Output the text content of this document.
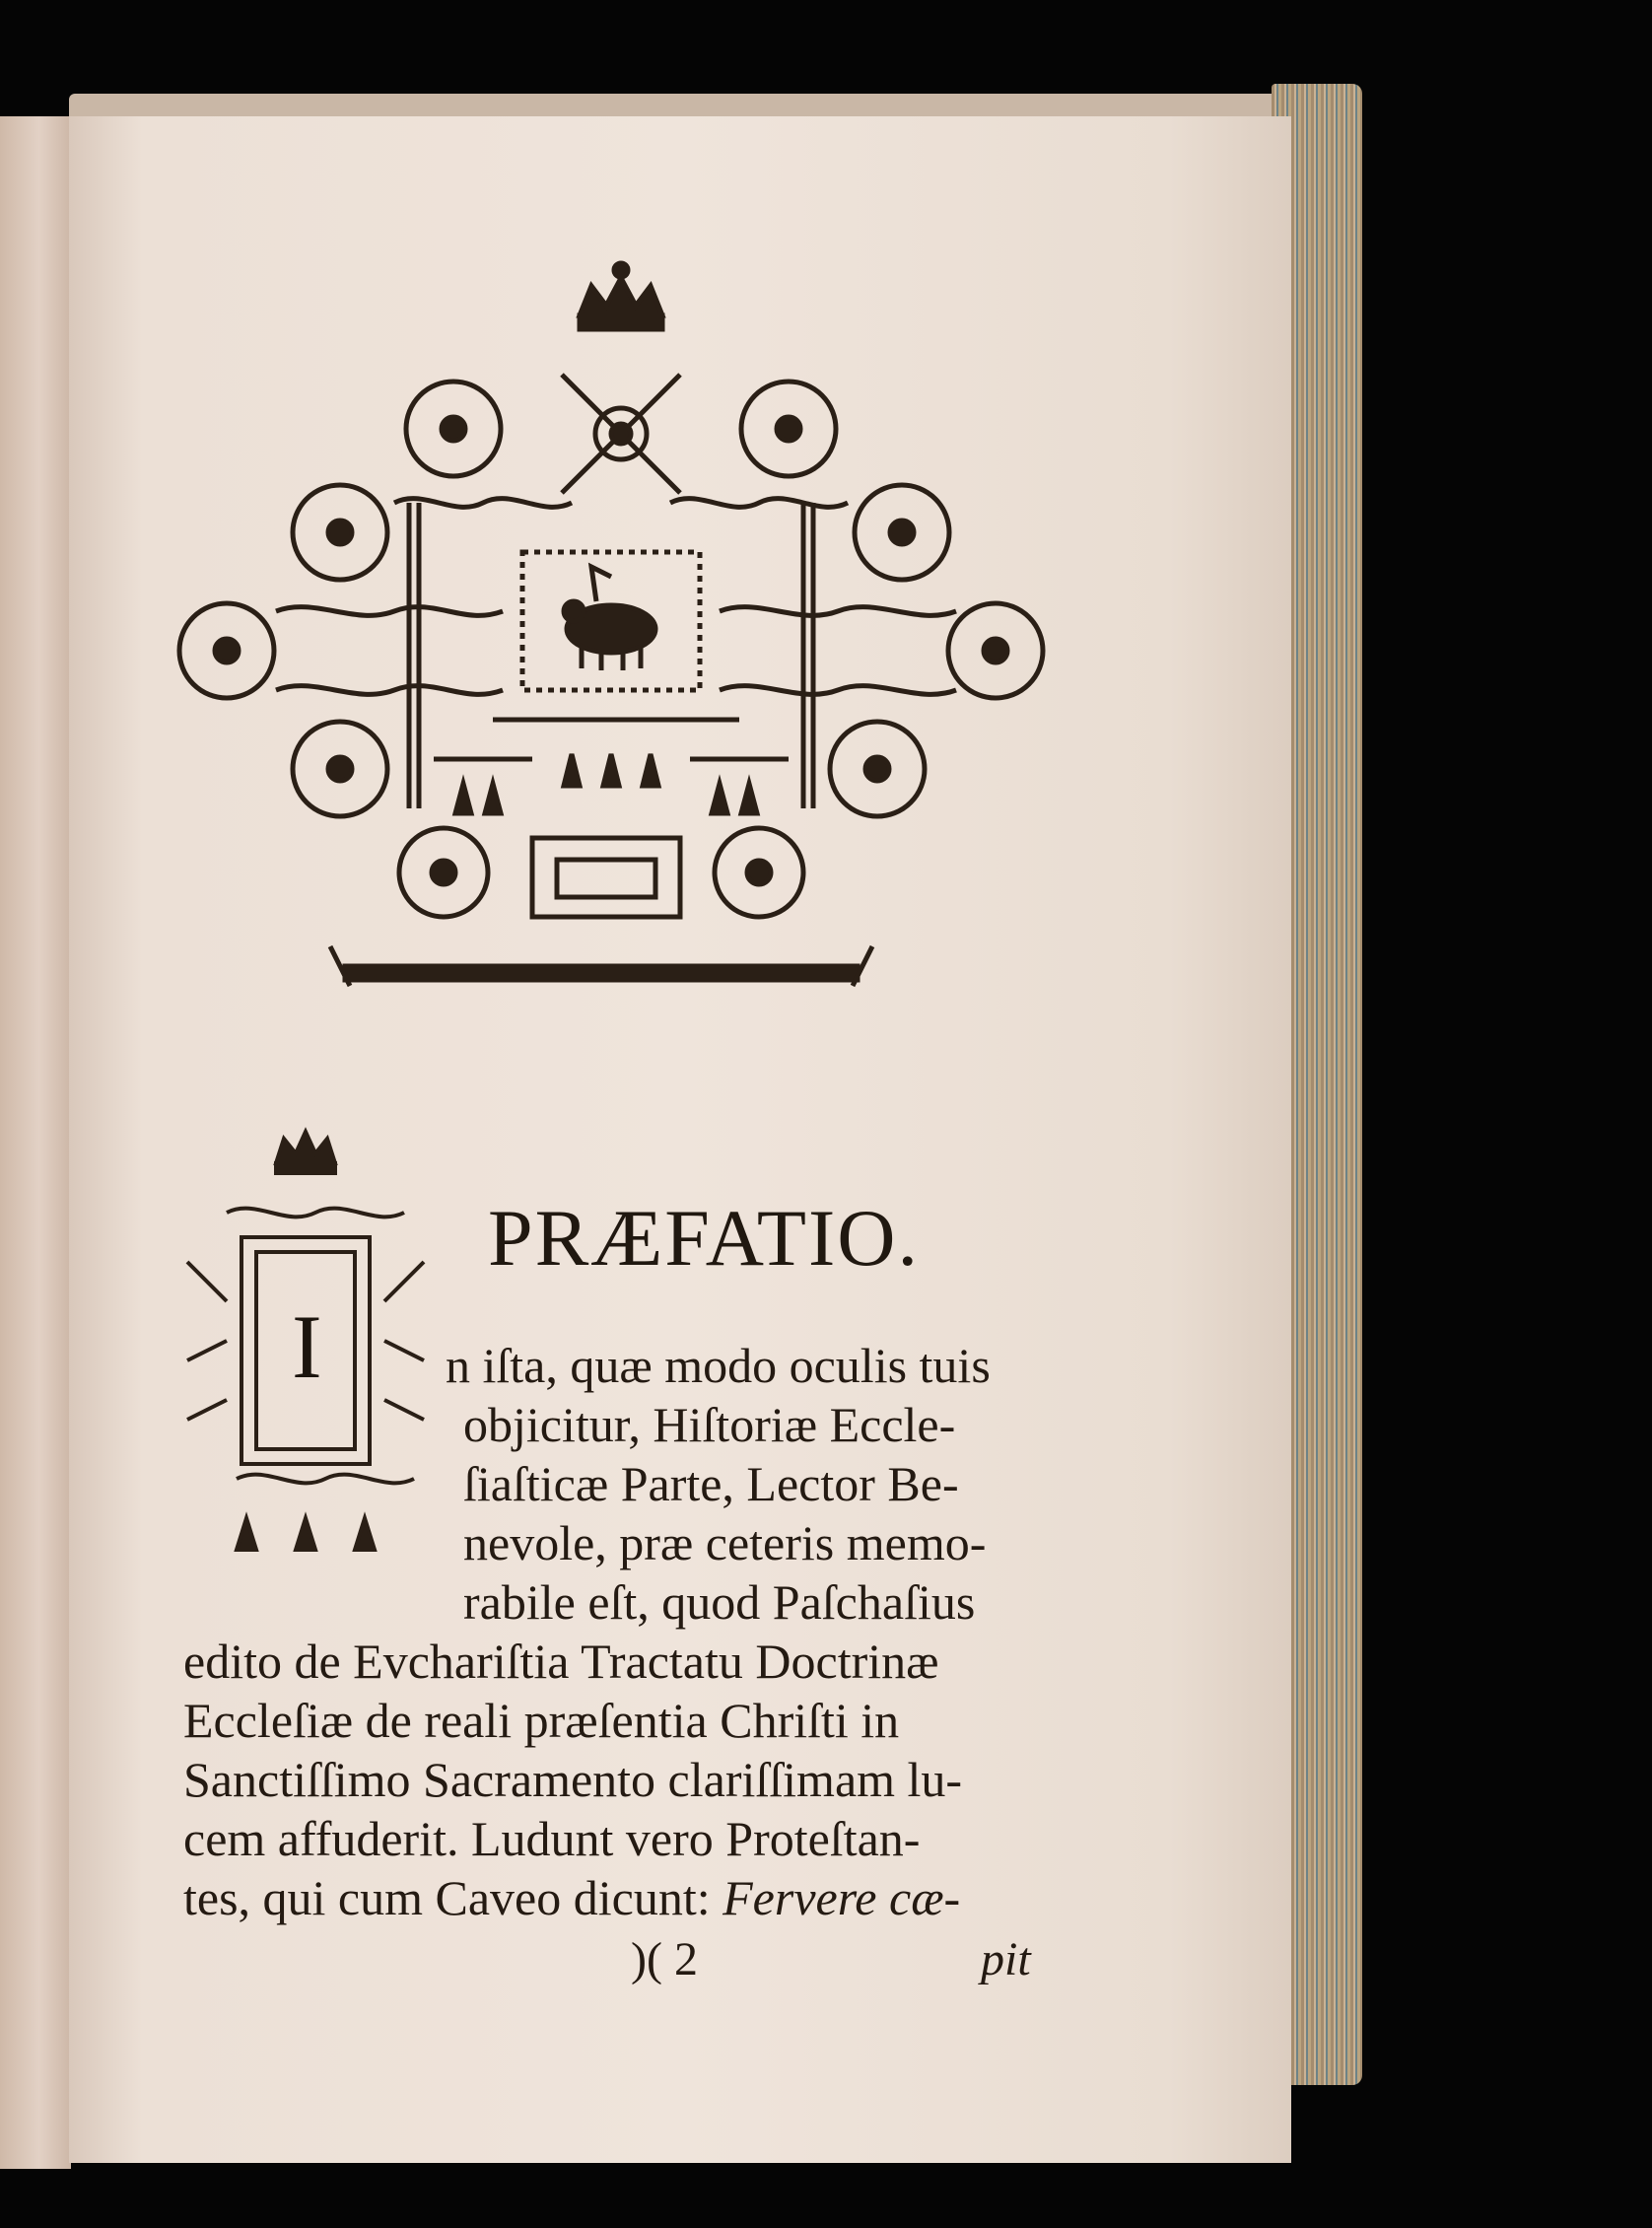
I
PRÆFATIO.
n iſta, quæ modo oculis tuis
objicitur, Hiſtoriæ Eccle-
ſiaſticæ Parte, Lector Be-
nevole, præ ceteris memo-
rabile eſt, quod Paſchaſius
edito de Evchariſtia Tractatu Doctrinæ
Eccleſiæ de reali præſentia Chriſti in
Sanctiſſimo Sacramento clariſſimam lu-
cem affuderit. Ludunt vero Proteſtan-
tes, qui cum Caveo dicunt: Fervere cæ-
)( 2	pit
